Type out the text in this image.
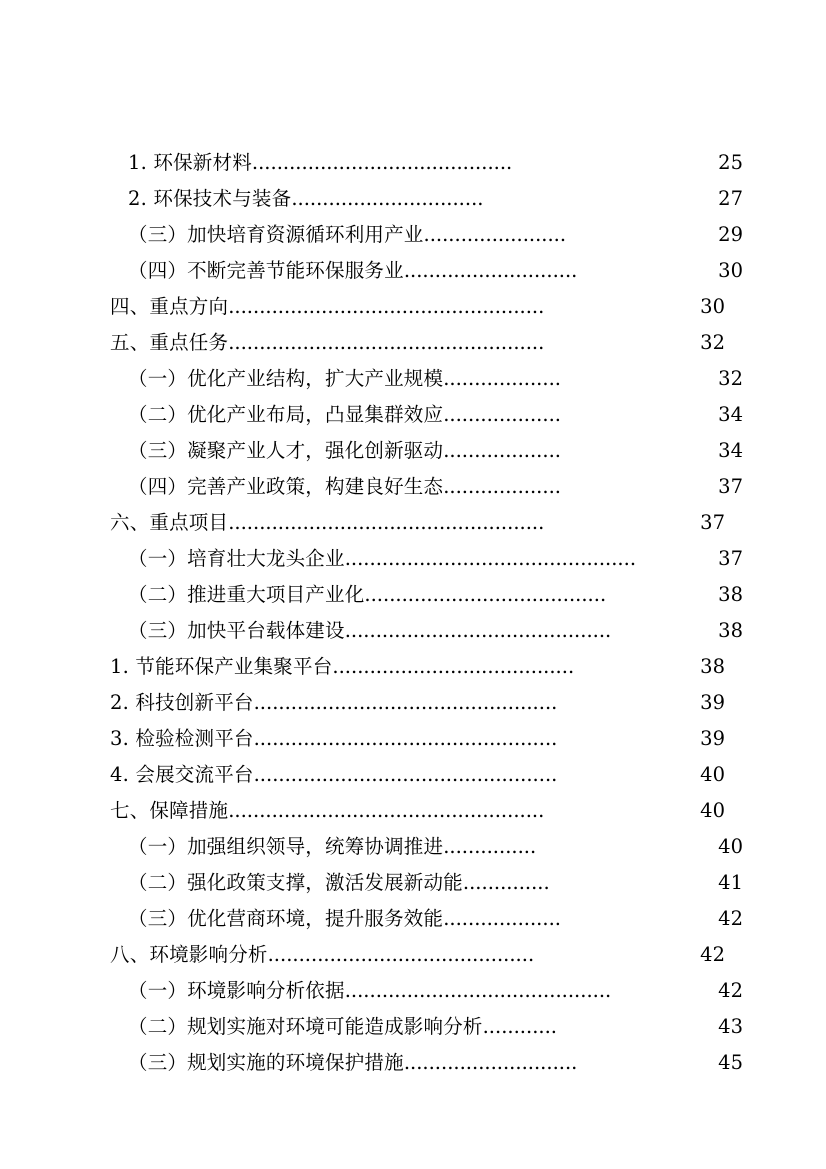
1. 环保新材料 ..........................................	25
2. 环保技术与装备 ...............................	27
（三）加快培育资源循环利用产业 .......................	29
（四）不断完善节能环保服务业 ............................	30
四、重点方向 ...................................................	30
五、重点任务 ...................................................	32
（一）优化产业结构，扩大产业规模 ...................	32
（二）优化产业布局，凸显集群效应 ...................	34
（三）凝聚产业人才，强化创新驱动 ...................	34
（四）完善产业政策，构建良好生态 ...................	37
六、重点项目 ...................................................	37
（一）培育壮大龙头企业 ...............................................	37
（二）推进重大项目产业化 .......................................	38
（三）加快平台载体建设 ...........................................	38
1. 节能环保产业集聚平台 .......................................	38
2. 科技创新平台 .................................................	39
3. 检验检测平台 .................................................	39
4. 会展交流平台 .................................................	40
七、保障措施 ...................................................	40
（一）加强组织领导，统筹协调推进 ...............	40
（二）强化政策支撑，激活发展新动能 ..............	41
（三）优化营商环境，提升服务效能 ...................	42
八、环境影响分析 ...........................................	42
（一）环境影响分析依据 ...........................................	42
（二）规划实施对环境可能造成影响分析 ............	43
（三）规划实施的环境保护措施 ............................	45
